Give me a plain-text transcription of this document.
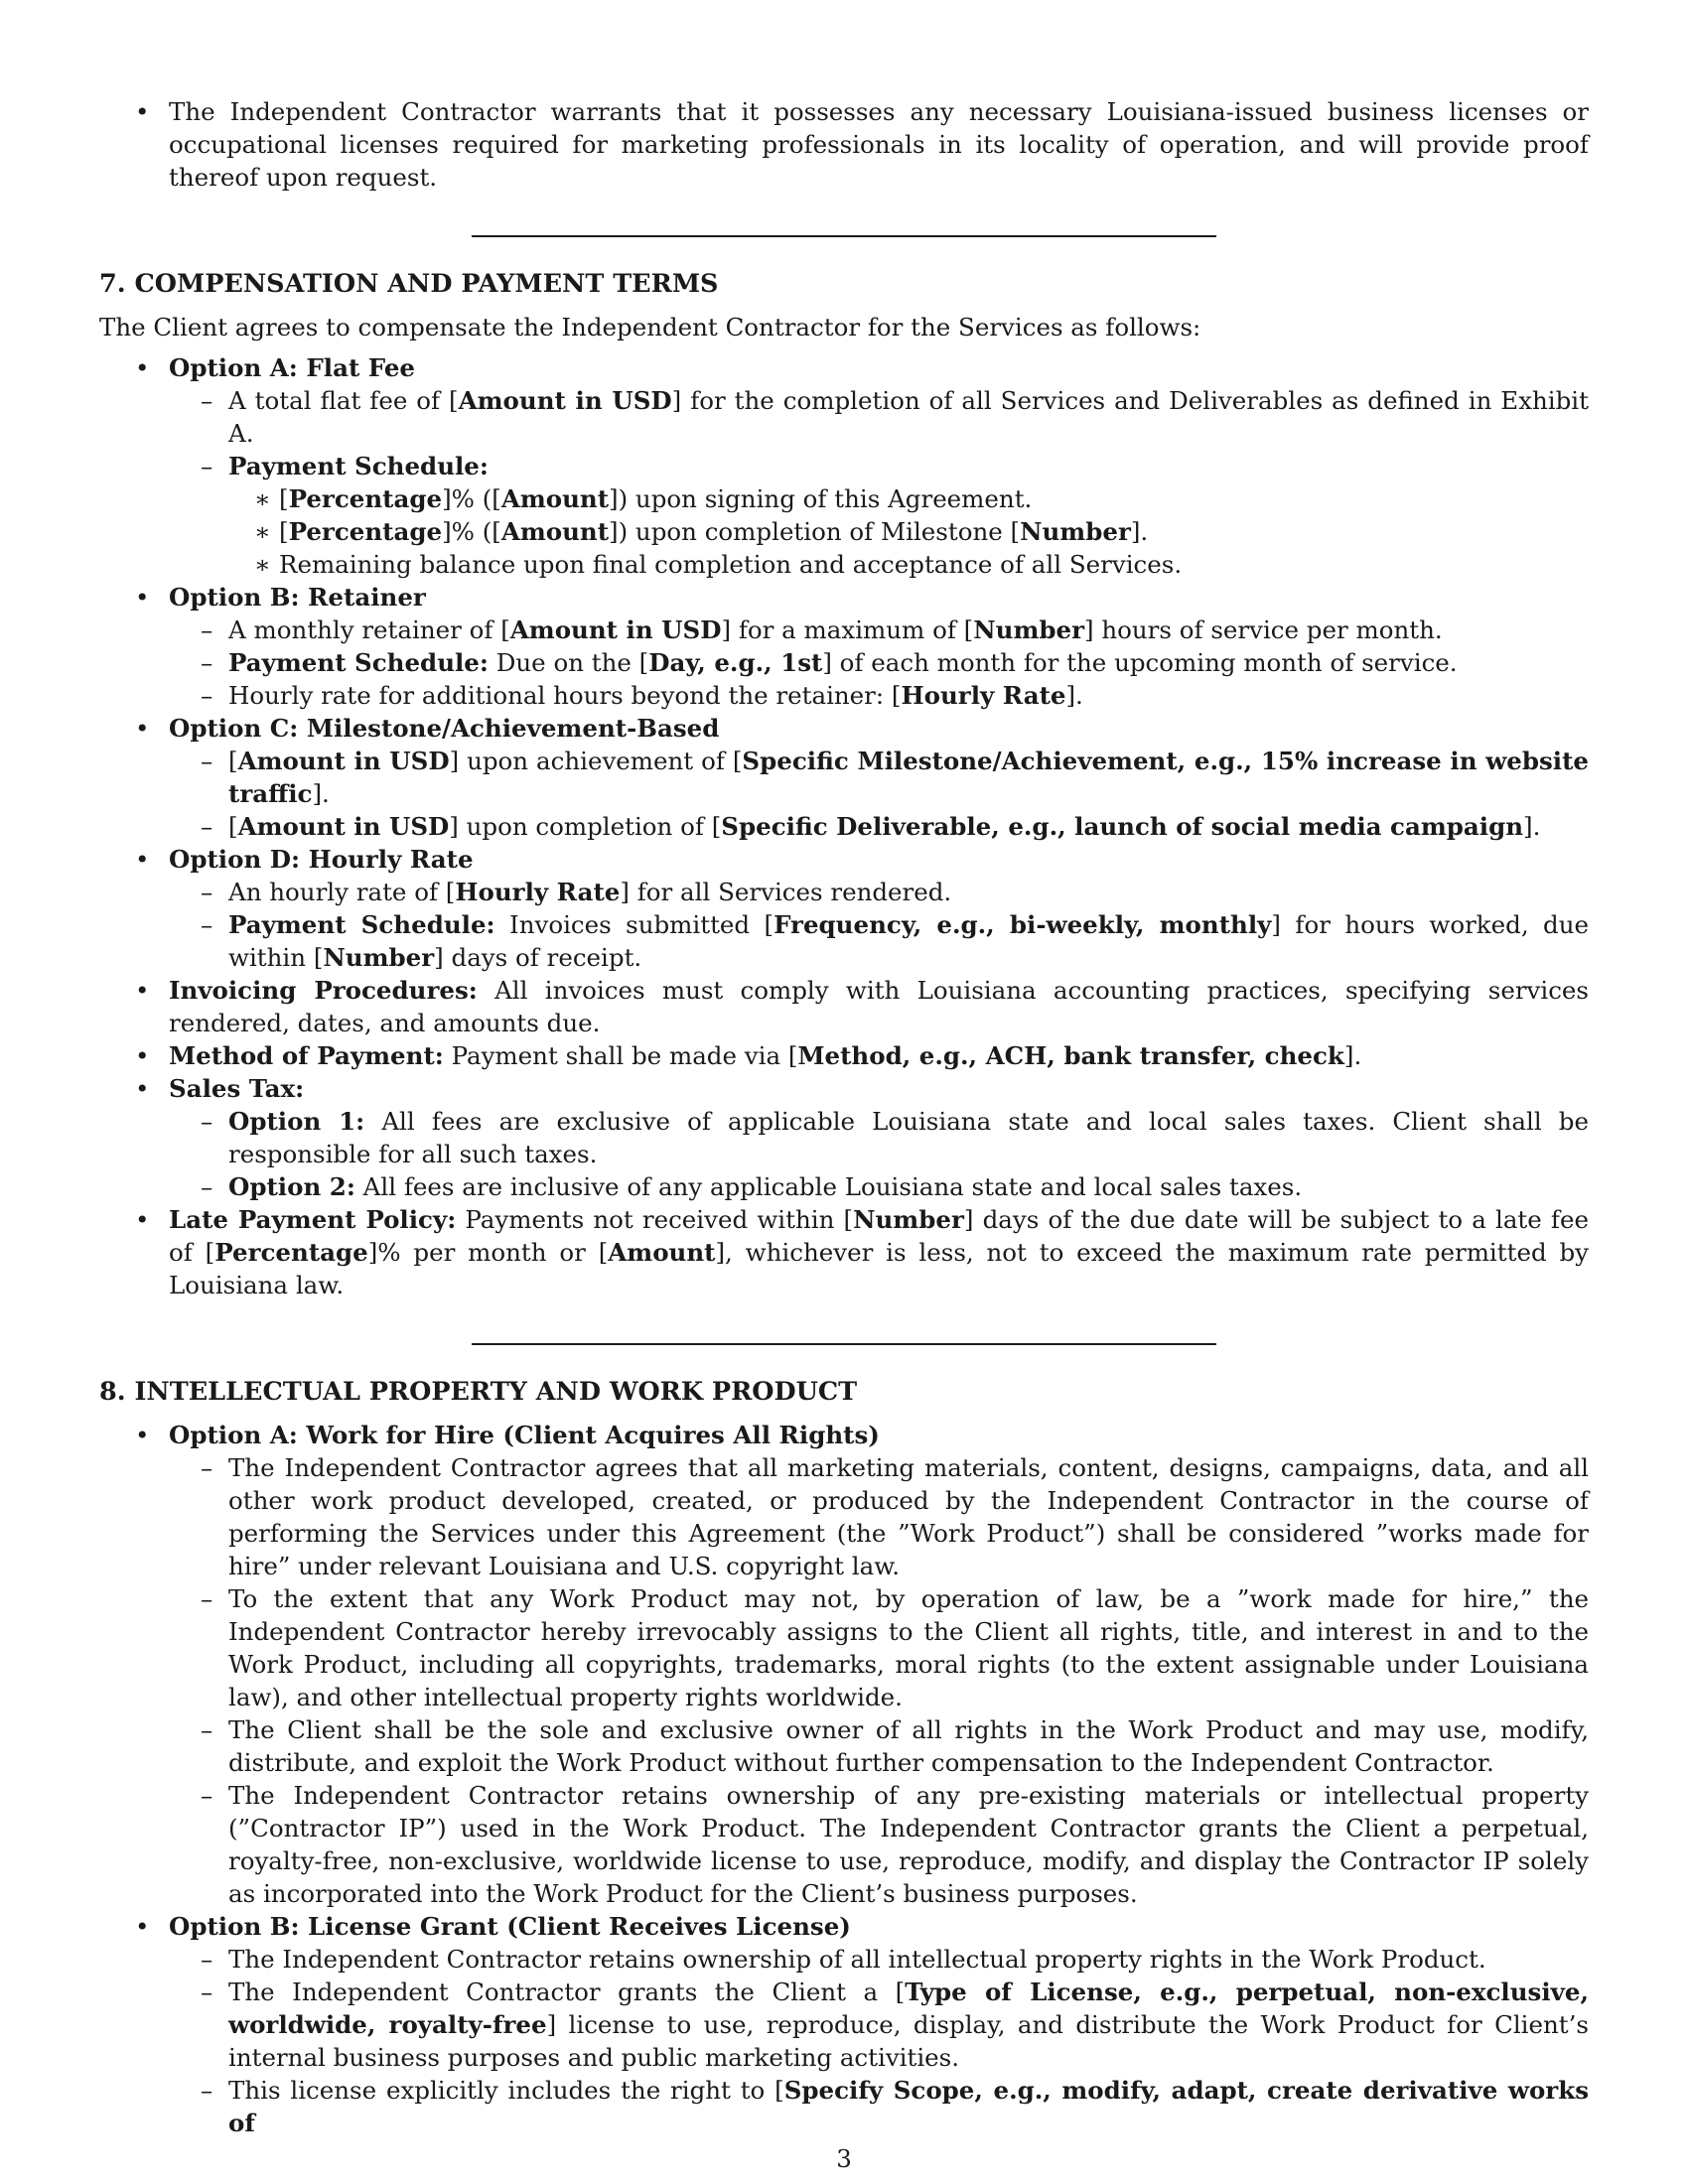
• The Independent Contractor warrants that it possesses any necessary Louisiana-issued business licenses or occupational licenses required for marketing professionals in its locality of operation, and will provide proof thereof upon request.
7. COMPENSATION AND PAYMENT TERMS
The Client agrees to compensate the Independent Contractor for the Services as follows:
• Option A: Flat Fee
– A total flat fee of [Amount in USD] for the completion of all Services and Deliverables as defined in Exhibit A.
– Payment Schedule:
∗ [Percentage]% ([Amount]) upon signing of this Agreement.
∗ [Percentage]% ([Amount]) upon completion of Milestone [Number].
∗ Remaining balance upon final completion and acceptance of all Services.
• Option B: Retainer
– A monthly retainer of [Amount in USD] for a maximum of [Number] hours of service per month.
– Payment Schedule: Due on the [Day, e.g., 1st] of each month for the upcoming month of service.
– Hourly rate for additional hours beyond the retainer: [Hourly Rate].
• Option C: Milestone/Achievement-Based
– [Amount in USD] upon achievement of [Specific Milestone/Achievement, e.g., 15% increase in website traffic].
– [Amount in USD] upon completion of [Specific Deliverable, e.g., launch of social media campaign].
• Option D: Hourly Rate
– An hourly rate of [Hourly Rate] for all Services rendered.
– Payment Schedule: Invoices submitted [Frequency, e.g., bi-weekly, monthly] for hours worked, due within [Number] days of receipt.
• Invoicing Procedures: All invoices must comply with Louisiana accounting practices, specifying services rendered, dates, and amounts due.
• Method of Payment: Payment shall be made via [Method, e.g., ACH, bank transfer, check].
• Sales Tax:
– Option 1: All fees are exclusive of applicable Louisiana state and local sales taxes. Client shall be responsible for all such taxes.
– Option 2: All fees are inclusive of any applicable Louisiana state and local sales taxes.
• Late Payment Policy: Payments not received within [Number] days of the due date will be subject to a late fee of [Percentage]% per month or [Amount], whichever is less, not to exceed the maximum rate permitted by Louisiana law.
8. INTELLECTUAL PROPERTY AND WORK PRODUCT
• Option A: Work for Hire (Client Acquires All Rights)
– The Independent Contractor agrees that all marketing materials, content, designs, campaigns, data, and all other work product developed, created, or produced by the Independent Contractor in the course of performing the Services under this Agreement (the ”Work Product”) shall be considered ”works made for hire” under relevant Louisiana and U.S. copyright law.
– To the extent that any Work Product may not, by operation of law, be a ”work made for hire,” the Independent Contractor hereby irrevocably assigns to the Client all rights, title, and interest in and to the Work Product, including all copyrights, trademarks, moral rights (to the extent assignable under Louisiana law), and other intellectual property rights worldwide.
– The Client shall be the sole and exclusive owner of all rights in the Work Product and may use, modify, distribute, and exploit the Work Product without further compensation to the Independent Contractor.
– The Independent Contractor retains ownership of any pre-existing materials or intellectual property (”Contractor IP”) used in the Work Product. The Independent Contractor grants the Client a perpetual, royalty-free, non-exclusive, worldwide license to use, reproduce, modify, and display the Contractor IP solely as incorporated into the Work Product for the Client’s business purposes.
• Option B: License Grant (Client Receives License)
– The Independent Contractor retains ownership of all intellectual property rights in the Work Product.
– The Independent Contractor grants the Client a [Type of License, e.g., perpetual, non-exclusive, worldwide, royalty-free] license to use, reproduce, display, and distribute the Work Product for Client’s internal business purposes and public marketing activities.
– This license explicitly includes the right to [Specify Scope, e.g., modify, adapt, create derivative works of
3
